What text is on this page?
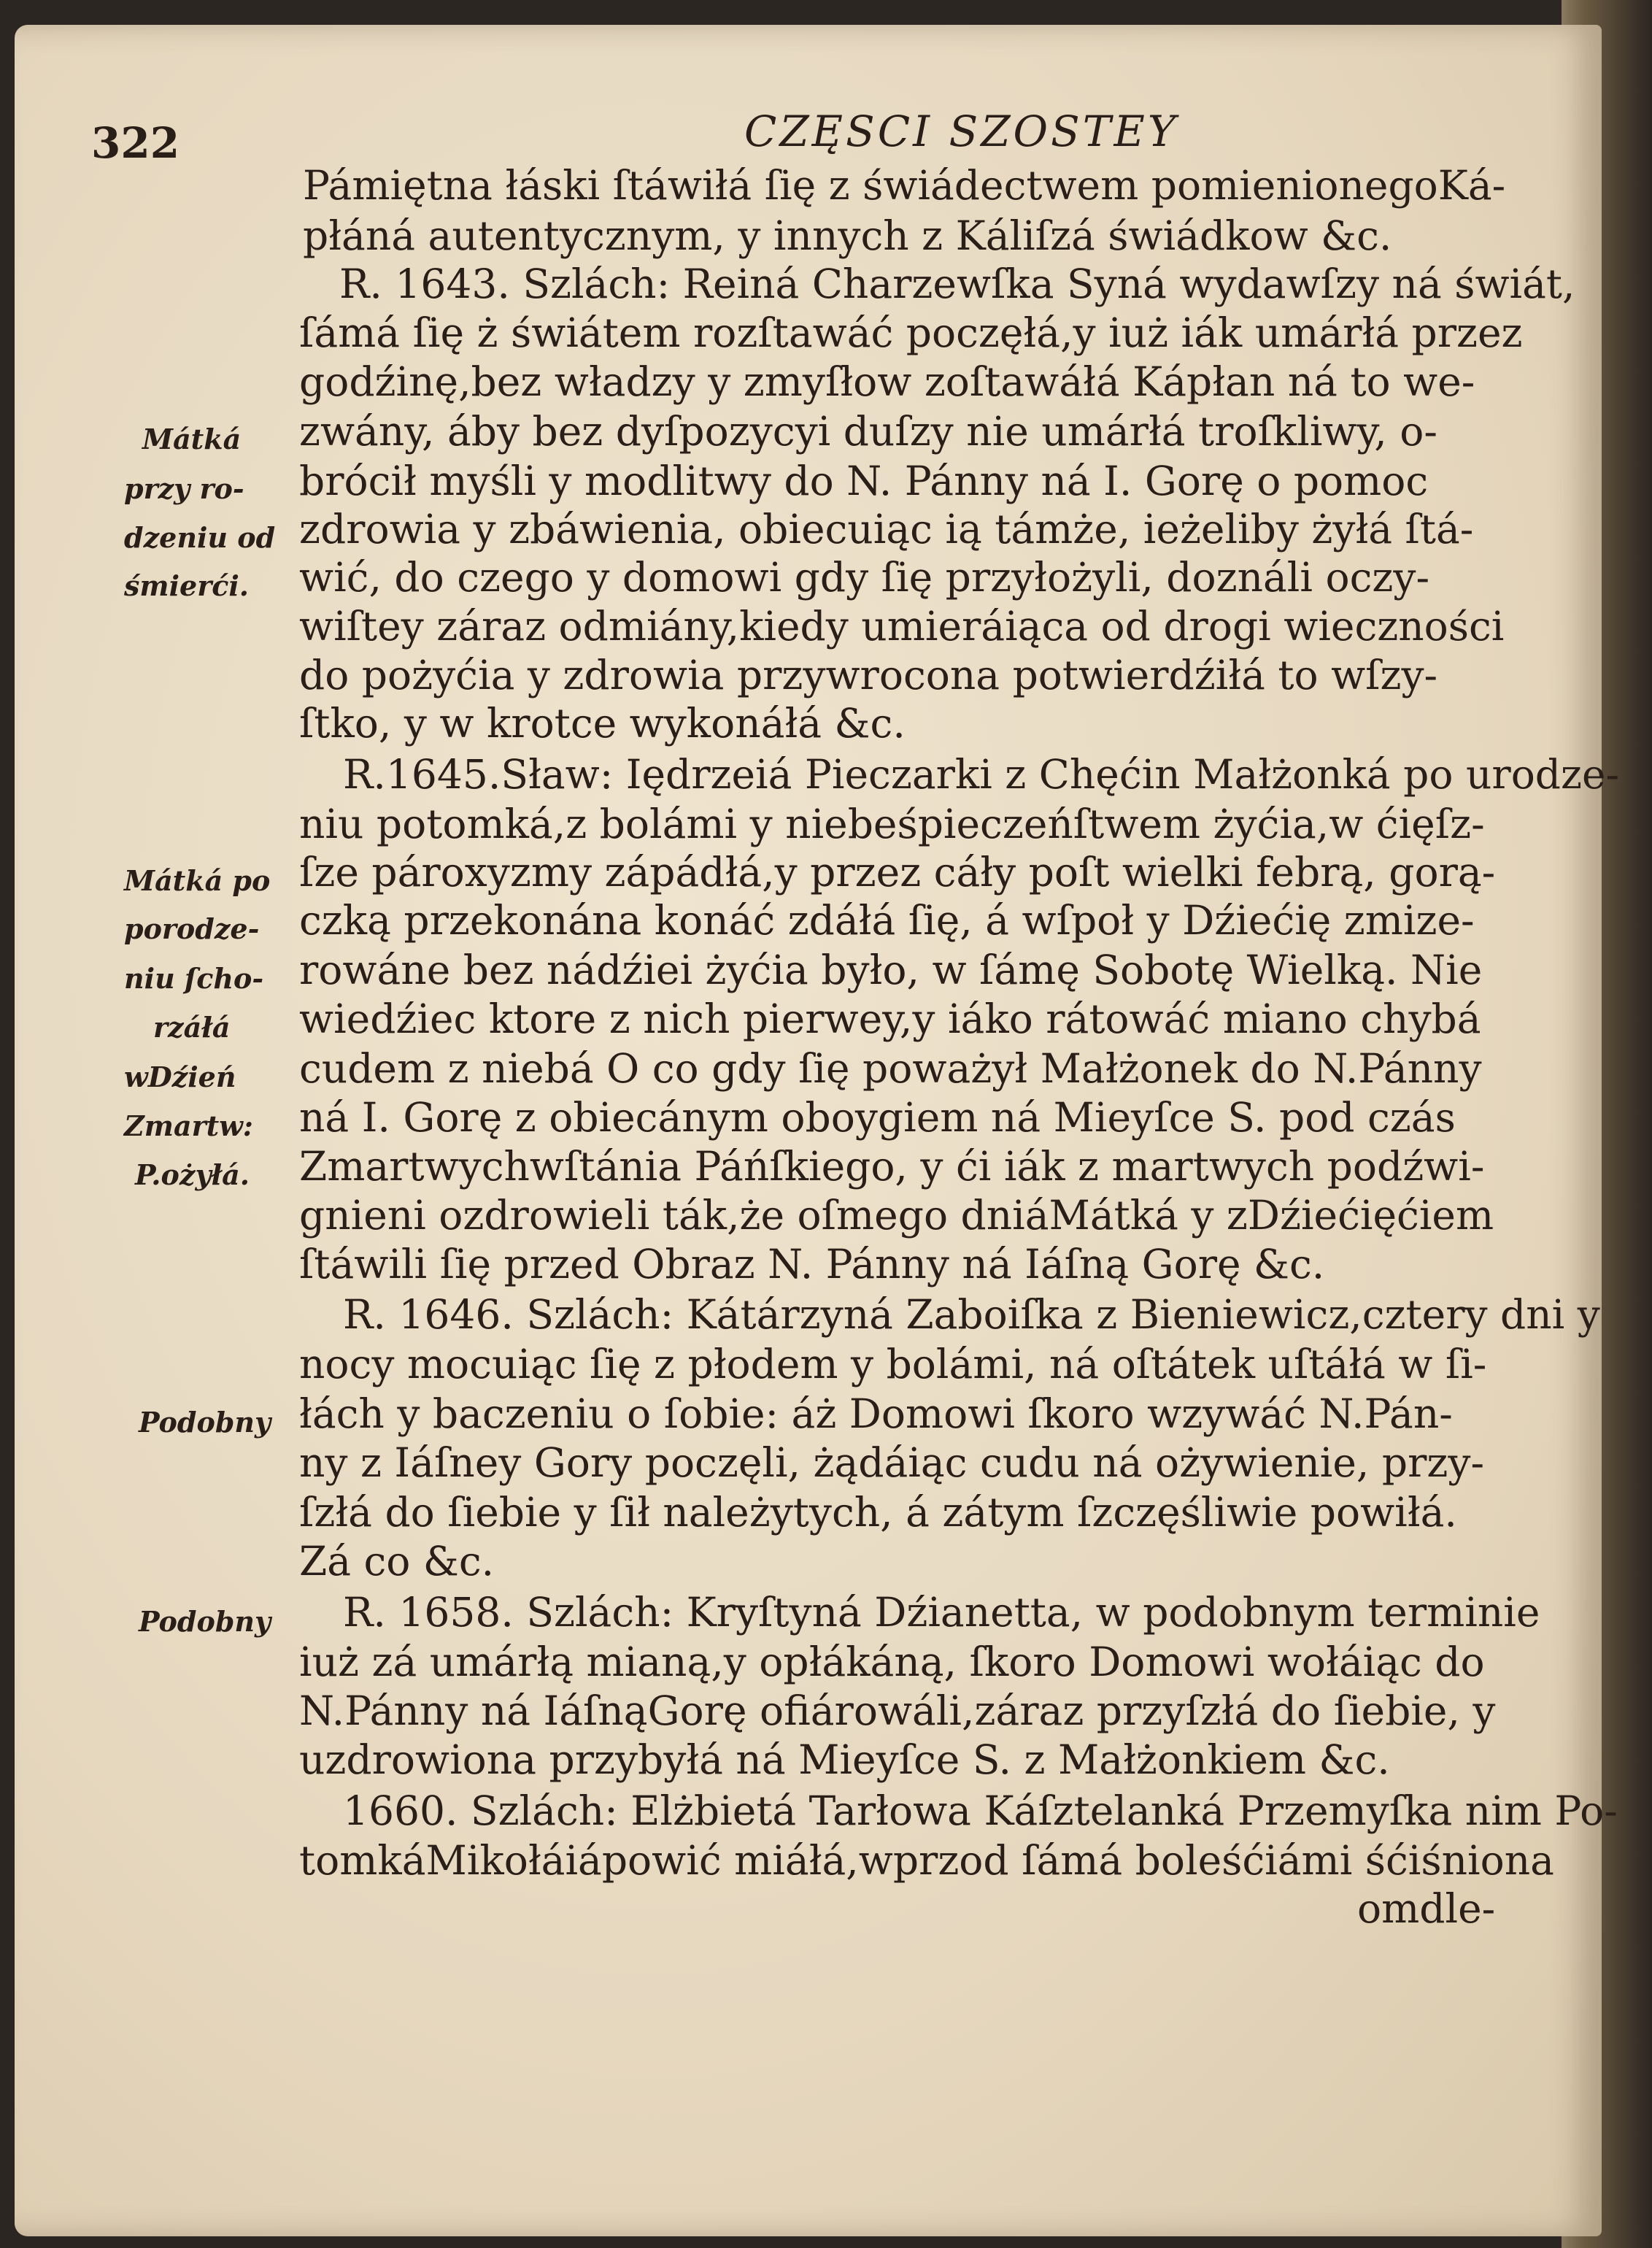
322	CZĘSCI SZOSTEY
Pámiętna łáski ſtáwiłá ſię z świádectwem pomienionegoKá-
płáná autentycznym, y innych z Káliſzá świádkow &c.
R. 1643. Szlách: Reiná Charzewſka Syná wydawſzy ná świát,
ſámá ſię ż świátem rozſtawáć poczęłá,y iuż iák umárłá przez
godźinę,bez władzy y zmyſłow zoſtawáłá Kápłan ná to we-
zwány, áby bez dyſpozycyi duſzy nie umárłá troſkliwy, o-
brócił myśli y modlitwy do N. Pánny ná I. Gorę o pomoc
zdrowia y zbáwienia, obiecuiąc ią támże, ieżeliby żyłá ſtá-
wić, do czego y domowi gdy ſię przyłożyli, doználi oczy-
wiſtey záraz odmiány,kiedy umieráiąca od drogi wieczności
do pożyćia y zdrowia przywrocona potwierdźiłá to wſzy-
ſtko, y w krotce wykonáłá &c.
R.1645.Sław: Iędrzeiá Pieczarki z Chęćin Małżonká po urodze-
niu potomká,z bolámi y niebeśpieczeńſtwem żyćia,w ćięſz-
ſze pároxyzmy zápádłá,y przez cáły poſt wielki febrą, gorą-
czką przekonána konáć zdáłá ſię, á wſpoł y Dźiećię zmize-
rowáne bez nádźiei żyćia było, w ſámę Sobotę Wielką. Nie
wiedźiec ktore z nich pierwey,y iáko rátowáć miano chybá
cudem z niebá O co gdy ſię poważył Małżonek do N.Pánny
ná I. Gorę z obiecánym oboygiem ná Mieyſce S. pod czás
Zmartwychwſtánia Páńſkiego, y ći iák z martwych podźwi-
gnieni ozdrowieli ták,że oſmego dniáMátká y zDźiećięćiem
ſtáwili ſię przed Obraz N. Pánny ná Iáſną Gorę &c.
R. 1646. Szlách: Kátárzyná Zaboiſka z Bieniewicz,cztery dni y
nocy mocuiąc ſię z płodem y bolámi, ná oſtátek uſtáłá w ſi-
łách y baczeniu o ſobie: áż Domowi ſkoro wzywáć N.Pán-
ny z Iáſney Gory poczęli, żądáiąc cudu ná ożywienie, przy-
ſzłá do ſiebie y ſił należytych, á zátym ſzczęśliwie powiłá.
Zá co &c.
R. 1658. Szlách: Kryſtyná Dźianetta, w podobnym terminie
iuż zá umárłą mianą,y opłákáną, ſkoro Domowi wołáiąc do
N.Pánny ná IáſnąGorę ofiárowáli,záraz przyſzłá do ſiebie, y
uzdrowiona przybyłá ná Mieyſce S. z Małżonkiem &c.
1660. Szlách: Elżbietá Tarłowa Káſztelanká Przemyſka nim Po-
tomkáMikołáiápowić miáłá,wprzod ſámá boleśćiámi śćiśniona
omdle-
Mátká
przy ro-
dzeniu od
śmierći.
Mátká po
porodze-
niu ſcho-
rzáłá
wDźień
Zmartw:
P.ożyłá.
Podobny
Podobny
